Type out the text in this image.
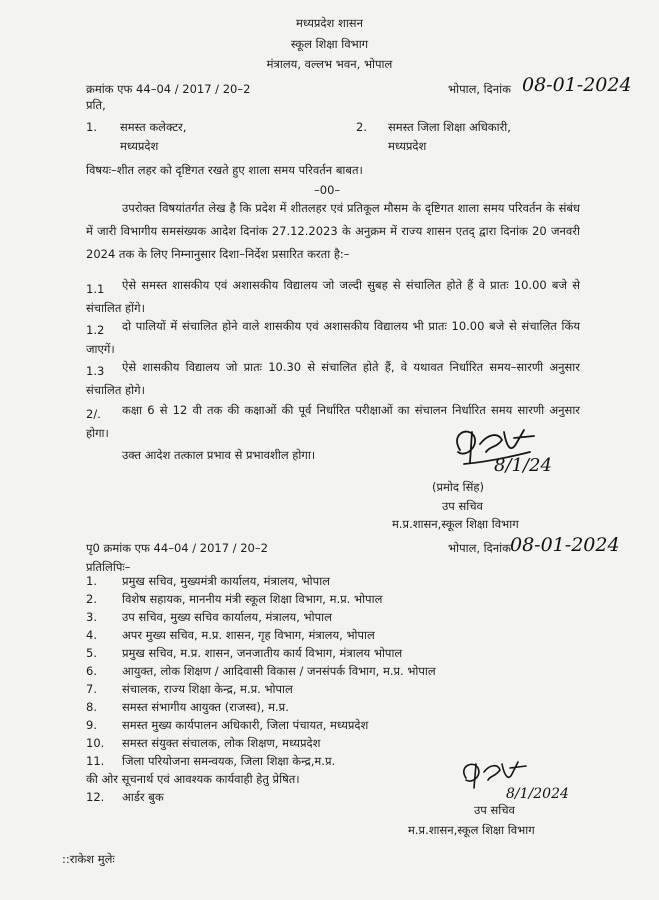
मध्यप्रदेश शासन
स्कूल शिक्षा विभाग
मंत्रालय, वल्लभ भवन, भोपाल
क्रमांक एफ 44–04 / 2017 / 20–2	भोपाल, दिनांक 08-01-2024
प्रति,
1. समस्त कलेक्टर,
मध्यप्रदेश
2. समस्त जिला शिक्षा अधिकारी,
मध्यप्रदेश
विषयः–शीत लहर को दृष्टिगत रखते हुए शाला समय परिवर्तन बाबत।
–00–
उपरोक्त विषयांतर्गत लेख है कि प्रदेश में शीतलहर एवं प्रतिकूल मौसम के दृष्टिगत शाला समय परिवर्तन के संबंध में जारी विभागीय समसंख्यक आदेश दिनांक 27.12.2023 के अनुक्रम में राज्य शासन एतद् द्वारा दिनांक 20 जनवरी 2024 तक के लिए निम्नानुसार दिशा–निर्देश प्रसारित करता है:–
1.1	ऐसे समस्त शासकीय एवं अशासकीय विद्यालय जो जल्दी सुबह से संचालित होते हैं वे प्रातः 10.00 बजे से संचालित होंगे।
1.2	दो पालियों में संचालित होने वाले शासकीय एवं अशासकीय विद्यालय भी प्रातः 10.00 बजे से संचालित किंय जाएगें।
1.3	ऐसे शासकीय विद्यालय जो प्रातः 10.30 से संचालित होते हैं, वे यथावत निर्धारित समय–सारणी अनुसार संचालित होगे।
2/.	कक्षा 6 से 12 वी तक की कक्षाओं की पूर्व निर्धारित परीक्षाओं का संचालन निर्धारित समय सारणी अनुसार होगा।
उक्त आदेश तत्काल प्रभाव से प्रभावशील होगा।	8/1/24
(प्रमोद सिंह)
उप सचिव
म.प्र.शासन,स्कूल शिक्षा विभाग
पृ0 क्रमांक एफ 44–04 / 2017 / 20–2	भोपाल, दिनांक 08-01-2024
प्रतिलिपिः–
1.	प्रमुख सचिव, मुख्यमंत्री कार्यालय, मंत्रालय, भोपाल
2.	विशेष सहायक, माननीय मंत्री स्कूल शिक्षा विभाग, म.प्र. भोपाल
3.	उप सचिव, मुख्य सचिव कार्यालय, मंत्रालय, भोपाल
4.	अपर मुख्य सचिव, म.प्र. शासन, गृह विभाग, मंत्रालय, भोपाल
5.	प्रमुख सचिव, म.प्र. शासन, जनजातीय कार्य विभाग, मंत्रालय भोपाल
6.	आयुक्त, लोक शिक्षण / आदिवासी विकास / जनसंपर्क विभाग, म.प्र. भोपाल
7.	संचालक, राज्य शिक्षा केन्द्र, म.प्र. भोपाल
8.	समस्त संभागीय आयुक्त (राजस्व), म.प्र.
9.	समस्त मुख्य कार्यपालन अधिकारी, जिला पंचायत, मध्यप्रदेश
10.	समस्त संयुक्त संचालक, लोक शिक्षण, मध्यप्रदेश
11.	जिला परियोजना समन्वयक, जिला शिक्षा केन्द्र,म.प्र.
की ओर सूचनार्थ एवं आवश्यक कार्यवाही हेतु प्रेषित।
12.	आर्डर बुक	8/1/2024
उप सचिव
म.प्र.शासन,स्कूल शिक्षा विभाग
::राकेश मुलेः
